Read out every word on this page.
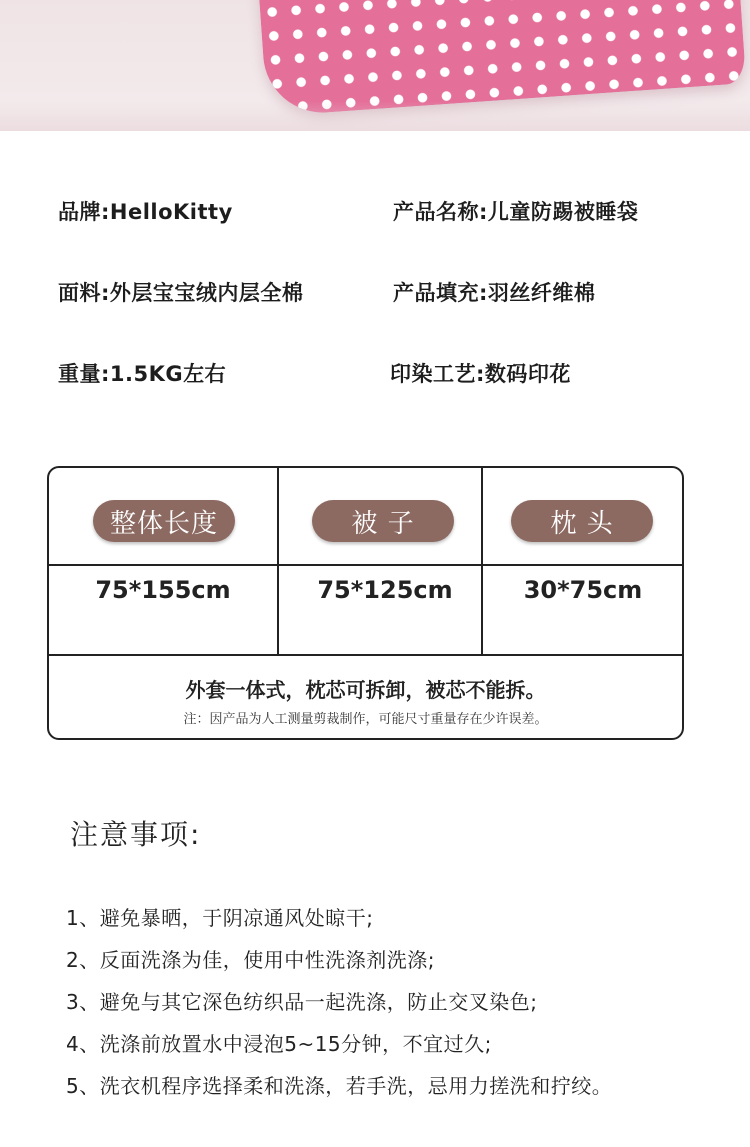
品牌:HelloKitty	产品名称:儿童防踢被睡袋
面料:外层宝宝绒内层全棉	产品填充:羽丝纤维棉
重量:1.5KG左右	印染工艺:数码印花
整体长度	被 子	枕 头
75*155cm	75*125cm	30*75cm
外套一体式，枕芯可拆卸，被芯不能拆。
注：因产品为人工测量剪裁制作，可能尺寸重量存在少许误差。
注意事项:
1、避免暴晒，于阴凉通风处晾干;
2、反面洗涤为佳，使用中性洗涤剂洗涤;
3、避免与其它深色纺织品一起洗涤，防止交叉染色;
4、洗涤前放置水中浸泡5~15分钟，不宜过久;
5、洗衣机程序选择柔和洗涤，若手洗，忌用力搓洗和拧绞。
